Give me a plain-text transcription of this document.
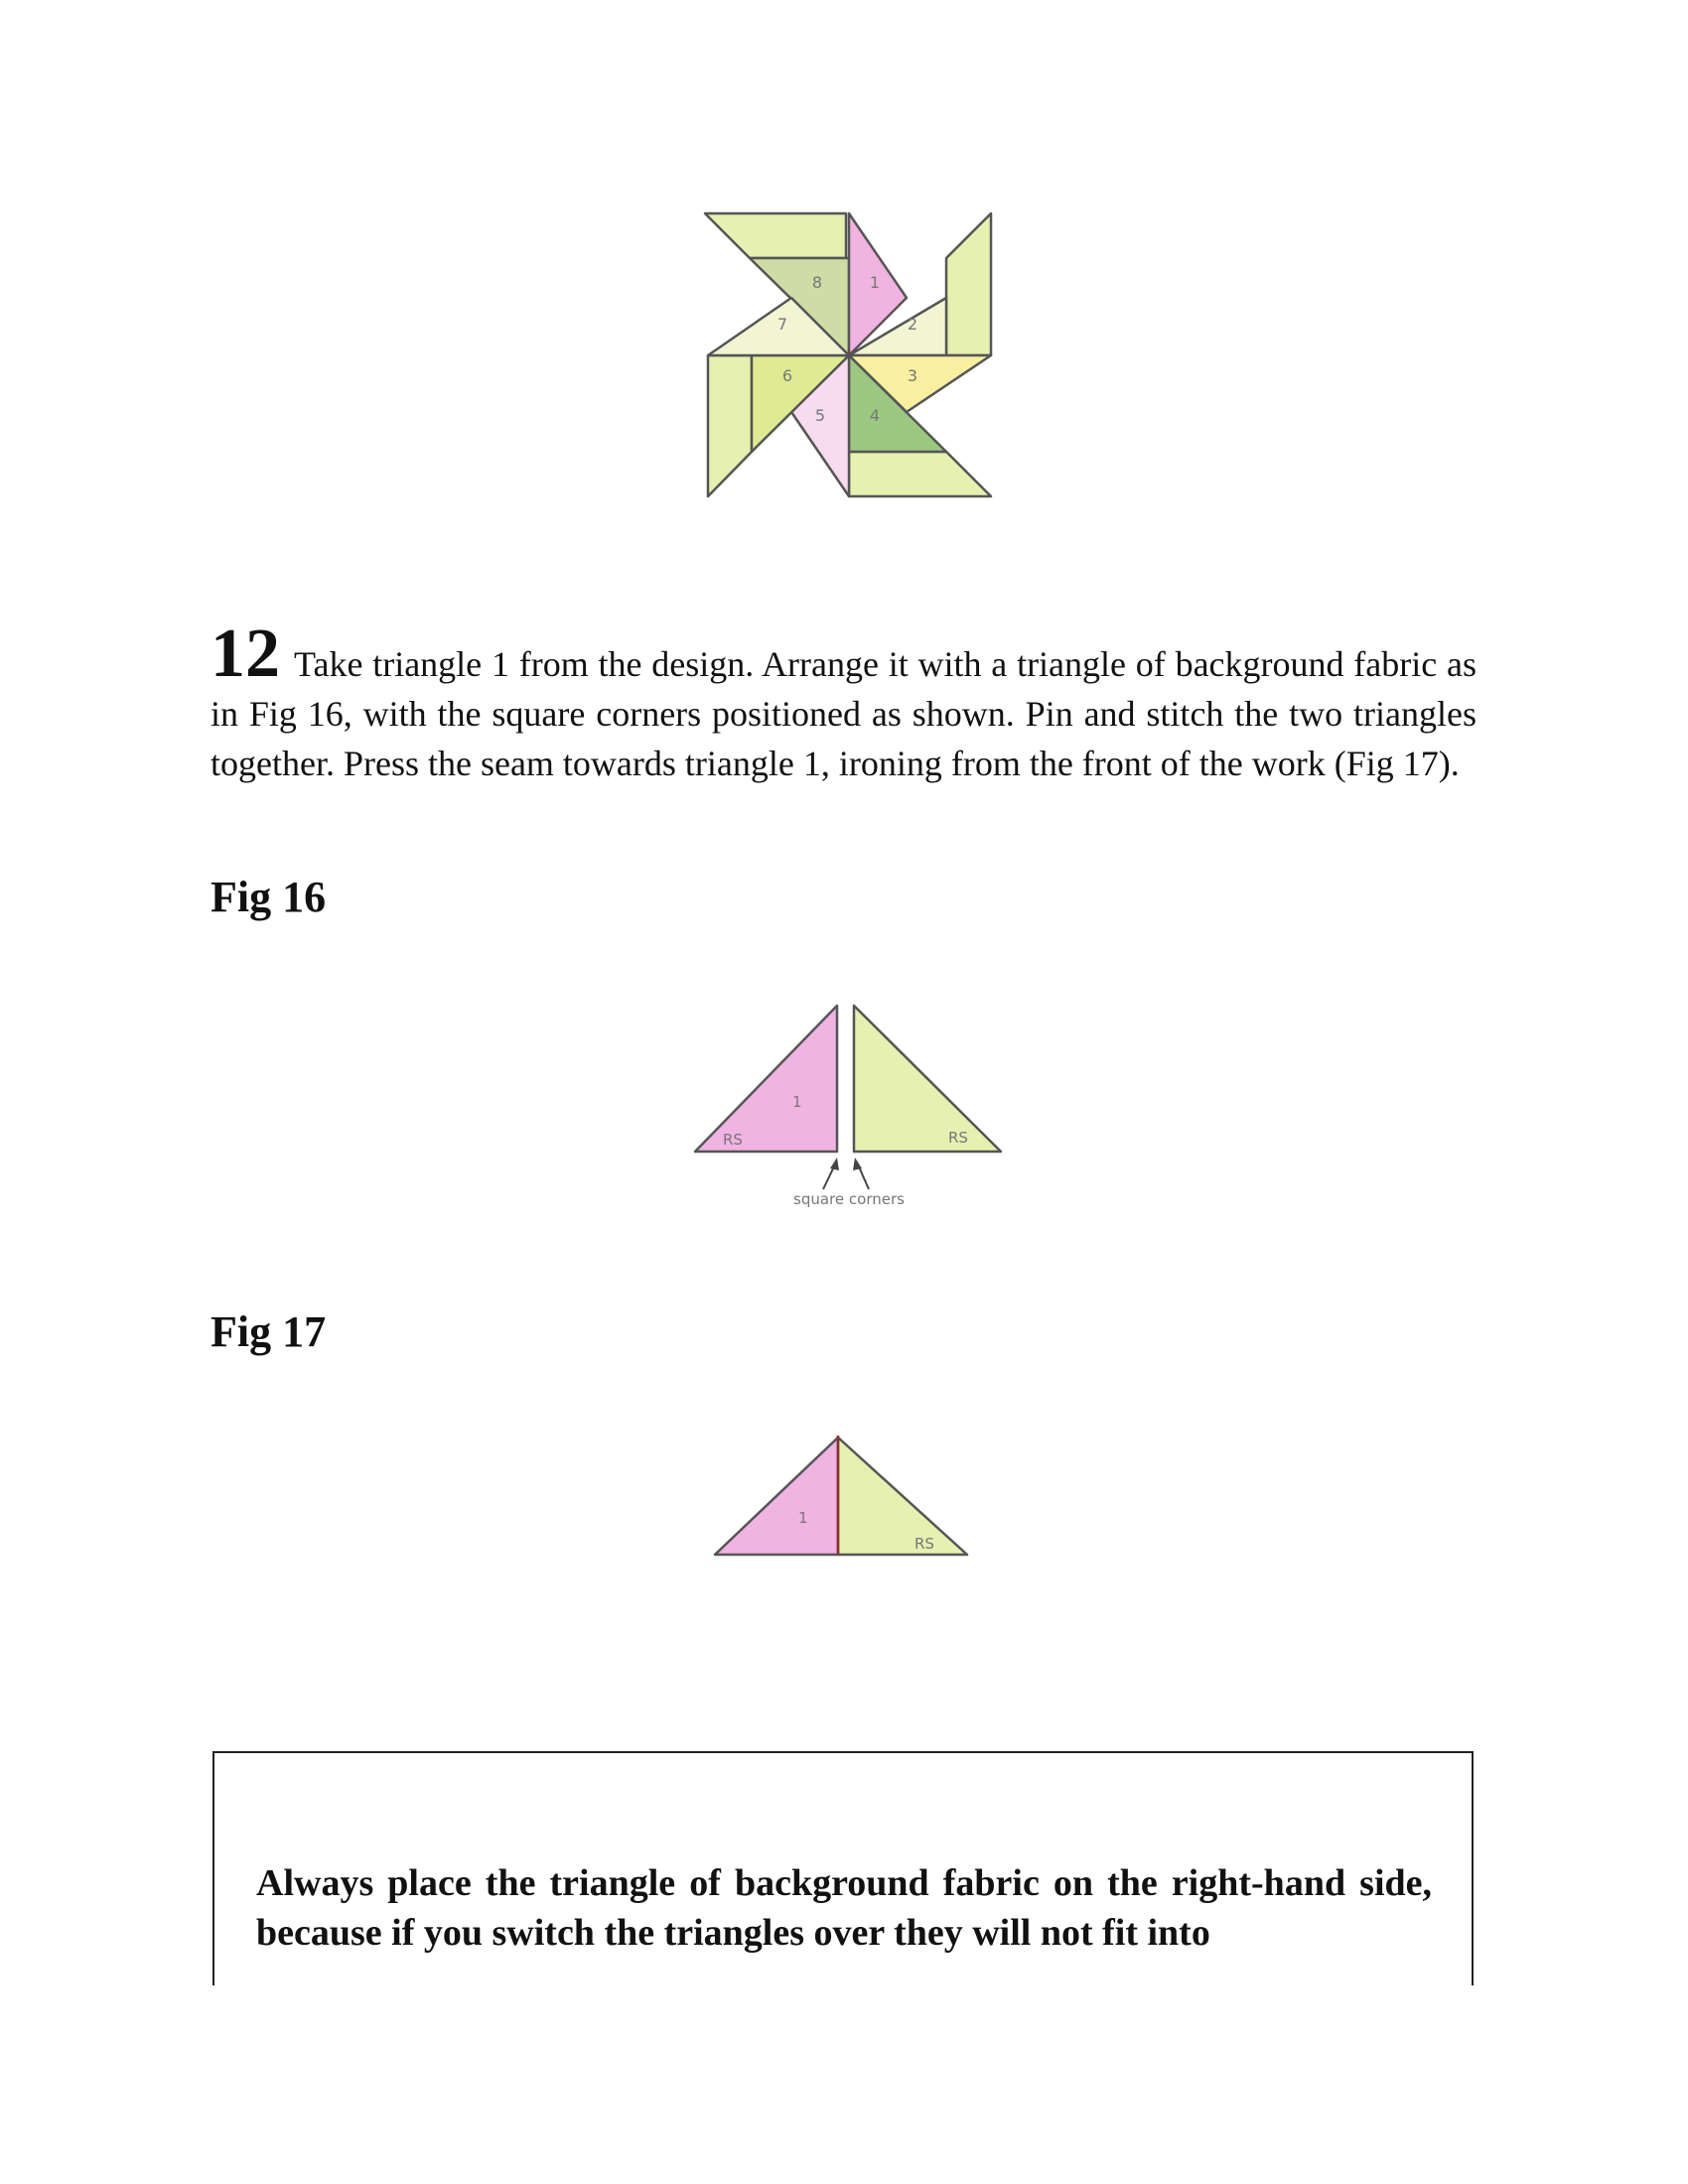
1
2
3
4
5
6
7
8

12 Take triangle 1 from the design. Arrange it with a triangle of background fabric as in Fig 16, with the square corners positioned as shown. Pin and stitch the two triangles together. Press the seam towards triangle 1, ironing from the front of the work (Fig 17).

Fig 16
RS
1
RS
square corners
Fig 17
1
RS

Always place the triangle of background fabric on the right-hand side, because if you switch the triangles over they will not fit into
